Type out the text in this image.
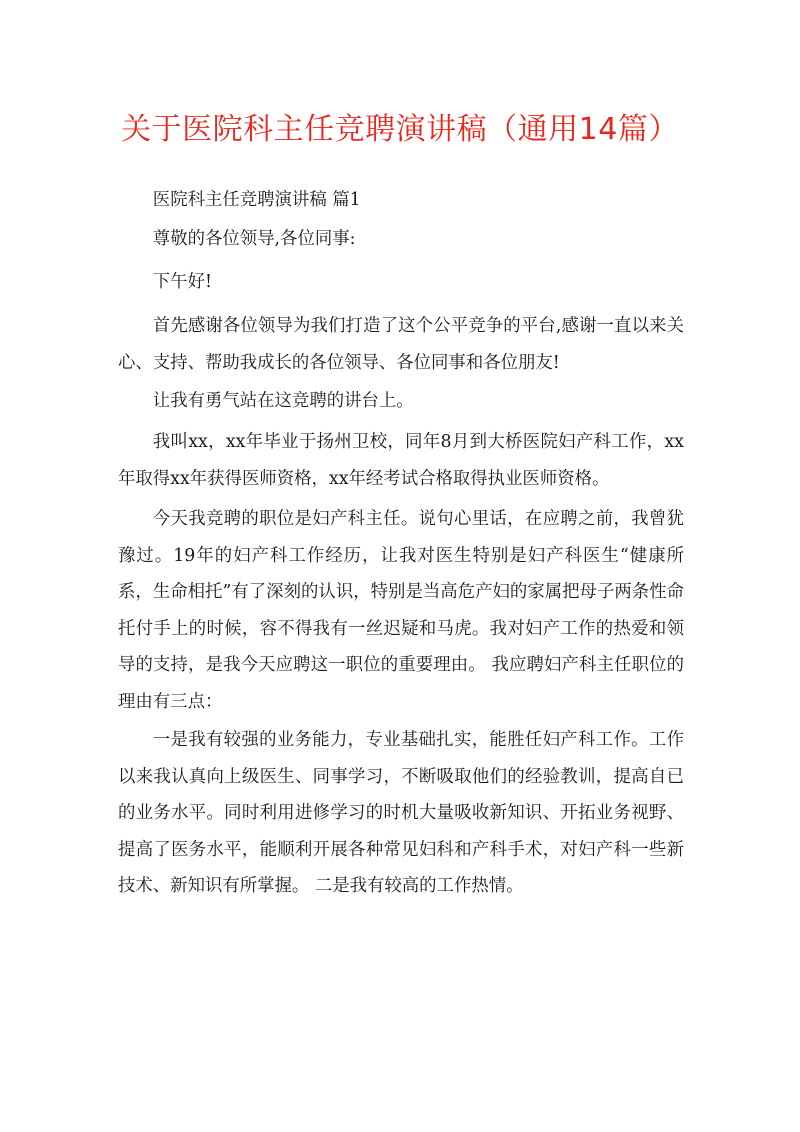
关于医院科主任竞聘演讲稿（通用14篇）

医院科主任竞聘演讲稿 篇1

尊敬的各位领导,各位同事:

下午好!

首先感谢各位领导为我们打造了这个公平竞争的平台,感谢一直以来关心、支持、帮助我成长的各位领导、各位同事和各位朋友!

让我有勇气站在这竞聘的讲台上。

我叫xx，xx年毕业于扬州卫校，同年8月到大桥医院妇产科工作，xx年取得xx年获得医师资格，xx年经考试合格取得执业医师资格。

今天我竞聘的职位是妇产科主任。说句心里话，在应聘之前，我曾犹豫过。19年的妇产科工作经历，让我对医生特别是妇产科医生“健康所系，生命相托”有了深刻的认识，特别是当高危产妇的家属把母子两条性命托付手上的时候，容不得我有一丝迟疑和马虎。我对妇产工作的热爱和领导的支持，是我今天应聘这一职位的重要理由。 我应聘妇产科主任职位的理由有三点：

一是我有较强的业务能力，专业基础扎实，能胜任妇产科工作。工作以来我认真向上级医生、同事学习，不断吸取他们的经验教训，提高自已的业务水平。同时利用进修学习的时机大量吸收新知识、开拓业务视野、提高了医务水平，能顺利开展各种常见妇科和产科手术，对妇产科一些新技术、新知识有所掌握。 二是我有较高的工作热情。
